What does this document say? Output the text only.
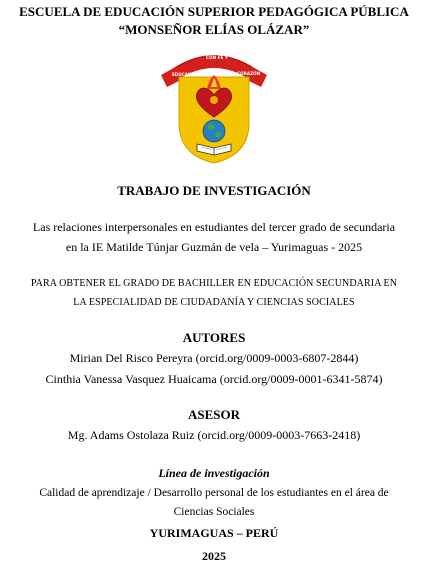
ESCUELA DE EDUCACIÓN SUPERIOR PEDAGÓGICA PÚBLICA
“MONSEÑOR ELÍAS OLÁZAR”
EDUCANDO
CON FE Y
CORAZÓN
TRABAJO DE INVESTIGACIÓN
Las relaciones interpersonales en estudiantes del tercer grado de secundaria
en la IE Matilde Túnjar Guzmán de vela – Yurimaguas - 2025
PARA OBTENER EL GRADO DE BACHILLER EN EDUCACIÓN SECUNDARIA EN
LA ESPECIALIDAD DE CIUDADANÍA Y CIENCIAS SOCIALES
AUTORES
Mirian Del Risco Pereyra (orcid.org/0009-0003-6807-2844)
Cinthia Vanessa Vasquez Huaicama (orcid.org/0009-0001-6341-5874)
ASESOR
Mg. Adams Ostolaza Ruiz (orcid.org/0009-0003-7663-2418)
Línea de investigación
Calidad de aprendizaje / Desarrollo personal de los estudiantes en el área de
Ciencias Sociales
YURIMAGUAS – PERÚ
2025
